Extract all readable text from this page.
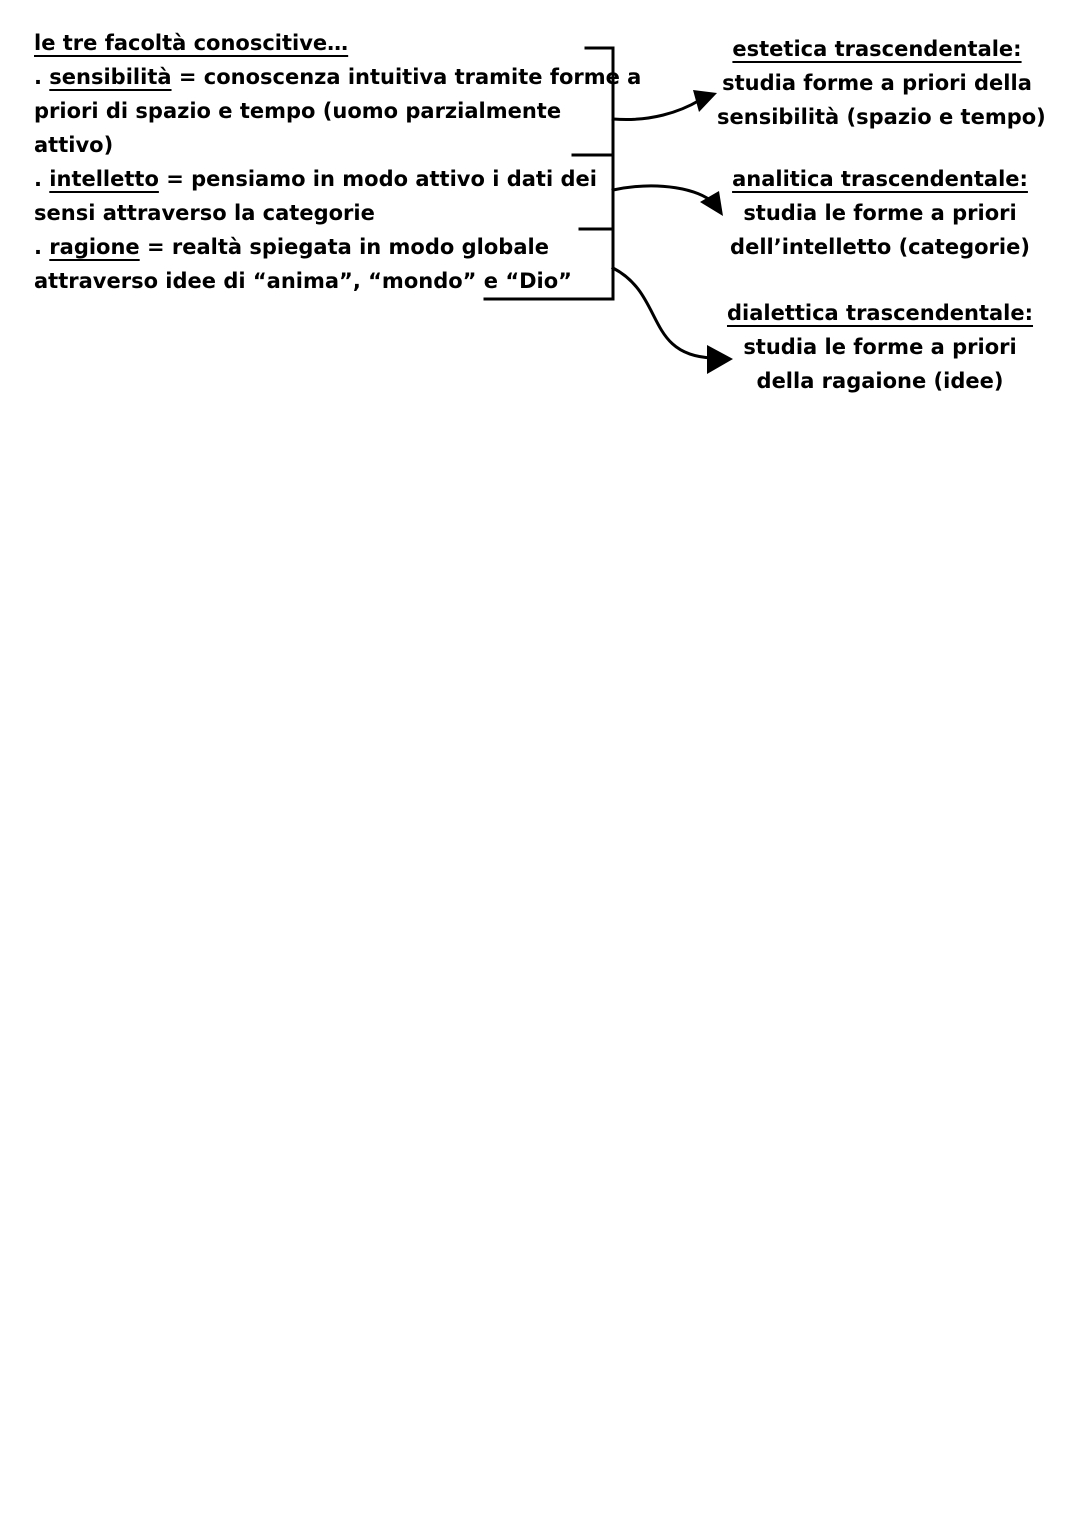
le tre facoltà conoscitive…
. sensibilità = conoscenza intuitiva tramite forme a
priori di spazio e tempo (uomo parzialmente
attivo)
. intelletto = pensiamo in modo attivo i dati dei
sensi attraverso la categorie
. ragione = realtà spiegata in modo globale
attraverso idee di “anima”, “mondo” e “Dio”
estetica trascendentale:
studia forme a priori della
sensibilità (spazio e tempo)
analitica trascendentale:
studia le forme a priori
dell’intelletto (categorie)
dialettica trascendentale:
studia le forme a priori
della ragaione (idee)
